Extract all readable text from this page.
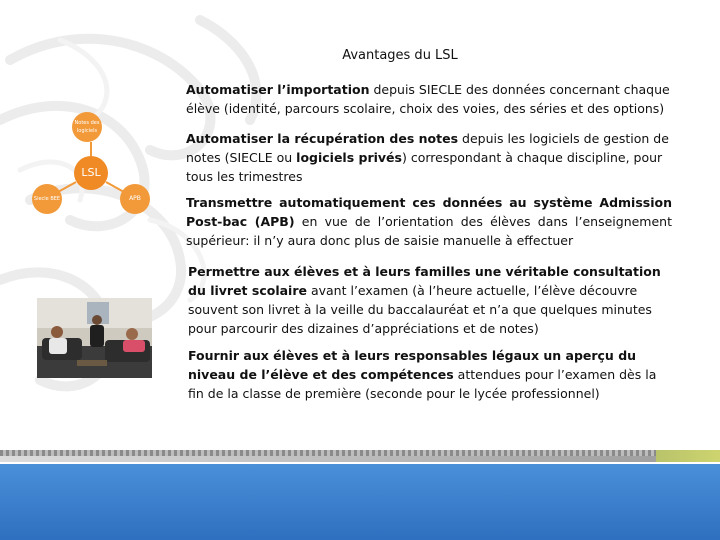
Avantages du LSL
Automatiser l’importation depuis SIECLE des données concernant chaque élève (identité, parcours scolaire, choix des voies, des séries et des options)
Automatiser la récupération des notes depuis les logiciels de gestion de notes (SIECLE ou logiciels privés) correspondant à chaque discipline, pour tous les trimestres
Transmettre automatiquement ces données au système Admission Post-bac (APB) en vue de l’orientation des élèves dans l’enseignement supérieur: il n’y aura donc plus de saisie manuelle à effectuer
Permettre aux élèves et à leurs familles une véritable consultation du livret scolaire avant l’examen (à l’heure actuelle, l’élève découvre souvent son livret à la veille du baccalauréat et n’a que quelques minutes pour parcourir des dizaines d’appréciations et de notes)
Fournir aux élèves et à leurs responsables légaux un aperçu du niveau de l’élève et des compétences attendues pour l’examen dès la fin de la classe de première (seconde pour le lycée professionnel)
Notes des logiciels
LSL
Siecle BEE	APB
